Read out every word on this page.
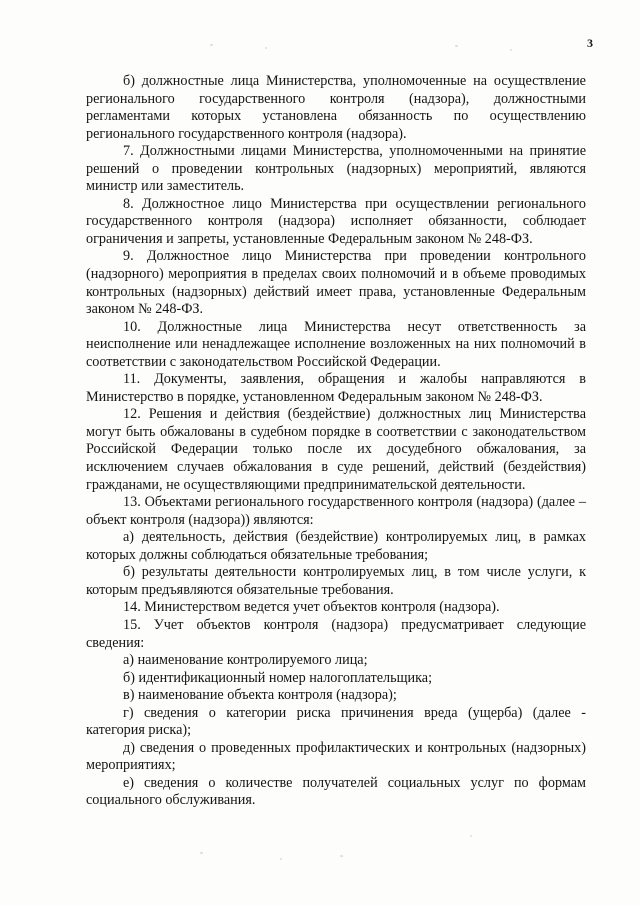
3

б) должностные лица Министерства, уполномоченные на осуществление регионального государственного контроля (надзора), должностными регламентами которых установлена обязанность по осуществлению регионального государственного контроля (надзора).

7. Должностными лицами Министерства, уполномоченными на принятие решений о проведении контрольных (надзорных) мероприятий, являются министр или заместитель.

8. Должностное лицо Министерства при осуществлении регионального государственного контроля (надзора) исполняет обязанности, соблюдает ограничения и запреты, установленные Федеральным законом № 248-ФЗ.

9. Должностное лицо Министерства при проведении контрольного (надзорного) мероприятия в пределах своих полномочий и в объеме проводимых контрольных (надзорных) действий имеет права, установленные Федеральным законом № 248-ФЗ.

10. Должностные лица Министерства несут ответственность за неисполнение или ненадлежащее исполнение возложенных на них полномочий в соответствии с законодательством Российской Федерации.

11. Документы, заявления, обращения и жалобы направляются в Министерство в порядке, установленном Федеральным законом № 248-ФЗ.

12. Решения и действия (бездействие) должностных лиц Министерства могут быть обжалованы в судебном порядке в соответствии с законодательством Российской Федерации только после их досудебного обжалования, за исключением случаев обжалования в суде решений, действий (бездействия) гражданами, не осуществляющими предпринимательской деятельности.

13. Объектами регионального государственного контроля (надзора) (далее – объект контроля (надзора)) являются:

а) деятельность, действия (бездействие) контролируемых лиц, в рамках которых должны соблюдаться обязательные требования;

б) результаты деятельности контролируемых лиц, в том числе услуги, к которым предъявляются обязательные требования.

14. Министерством ведется учет объектов контроля (надзора).

15. Учет объектов контроля (надзора) предусматривает следующие сведения:

а) наименование контролируемого лица;

б) идентификационный номер налогоплательщика;

в) наименование объекта контроля (надзора);

г) сведения о категории риска причинения вреда (ущерба) (далее - категория риска);

д) сведения о проведенных профилактических и контрольных (надзорных) мероприятиях;

е) сведения о количестве получателей социальных услуг по формам социального обслуживания.
